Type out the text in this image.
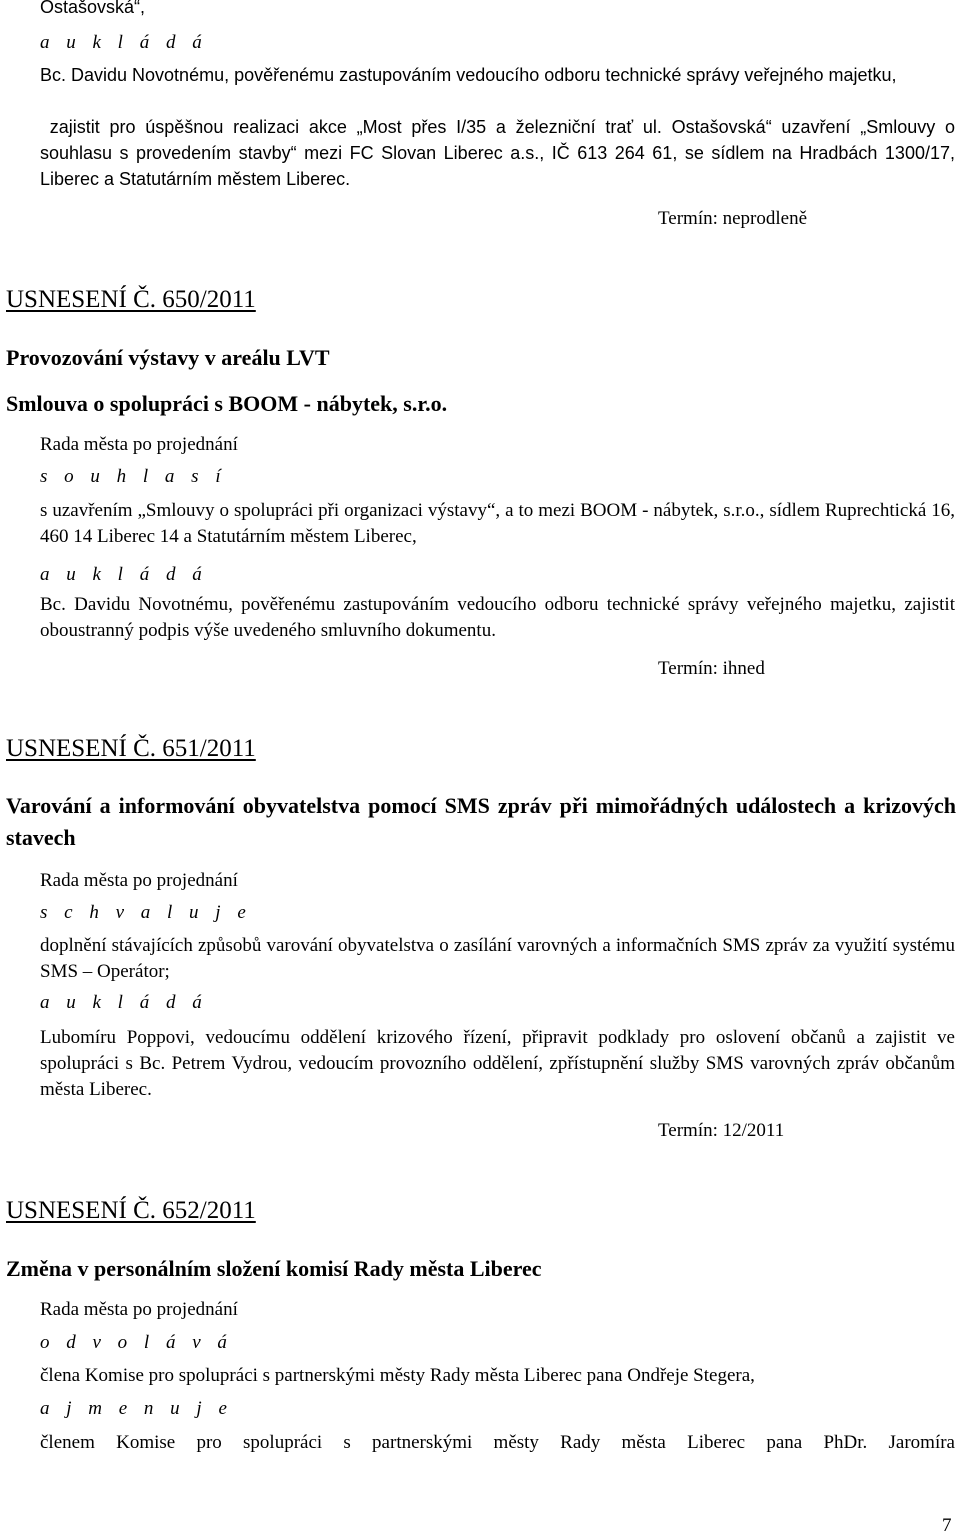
Ostašovská“,

a u k l á d á

Bc. Davidu Novotnému, pověřenému zastupováním vedoucího odboru technické správy veřejného majetku,

zajistit pro úspěšnou realizaci akce „Most přes I/35 a železniční trať ul. Ostašovská“ uzavření „Smlouvy o souhlasu s provedením stavby“ mezi FC Slovan Liberec a.s., IČ 613 264 61, se sídlem na Hradbách 1300/17, Liberec a Statutárním městem Liberec.

Termín: neprodleně
USNESENÍ Č. 650/2011

Provozování výstavy v areálu LVT

Smlouva o spolupráci s BOOM - nábytek, s.r.o.

Rada města po projednání

s o u h l a s í

s uzavřením „Smlouvy o spolupráci při organizaci výstavy“, a to mezi BOOM - nábytek, s.r.o., sídlem Ruprechtická 16, 460 14 Liberec 14 a Statutárním městem Liberec,

a u k l á d á

Bc. Davidu Novotnému, pověřenému zastupováním vedoucího odboru technické správy veřejného majetku, zajistit oboustranný podpis výše uvedeného smluvního dokumentu.

Termín: ihned
USNESENÍ Č. 651/2011

Varování a informování obyvatelstva pomocí SMS zpráv při mimořádných událostech a krizových stavech

Rada města po projednání

s c h v a l u j e

doplnění stávajících způsobů varování obyvatelstva o zasílání varovných a informačních SMS zpráv za využití systému SMS – Operátor;

a u k l á d á

Lubomíru Poppovi, vedoucímu oddělení krizového řízení, připravit podklady pro oslovení občanů a zajistit ve spolupráci s Bc. Petrem Vydrou, vedoucím provozního oddělení, zpřístupnění služby SMS varovných zpráv občanům města Liberec.

Termín: 12/2011
USNESENÍ Č. 652/2011

Změna v personálním složení komisí Rady města Liberec

Rada města po projednání

o d v o l á v á

člena Komise pro spolupráci s partnerskými městy Rady města Liberec pana Ondřeje Stegera,

a j m e n u j e

členem Komise pro spolupráci s partnerskými městy Rady města Liberec pana PhDr. Jaromíra

7
